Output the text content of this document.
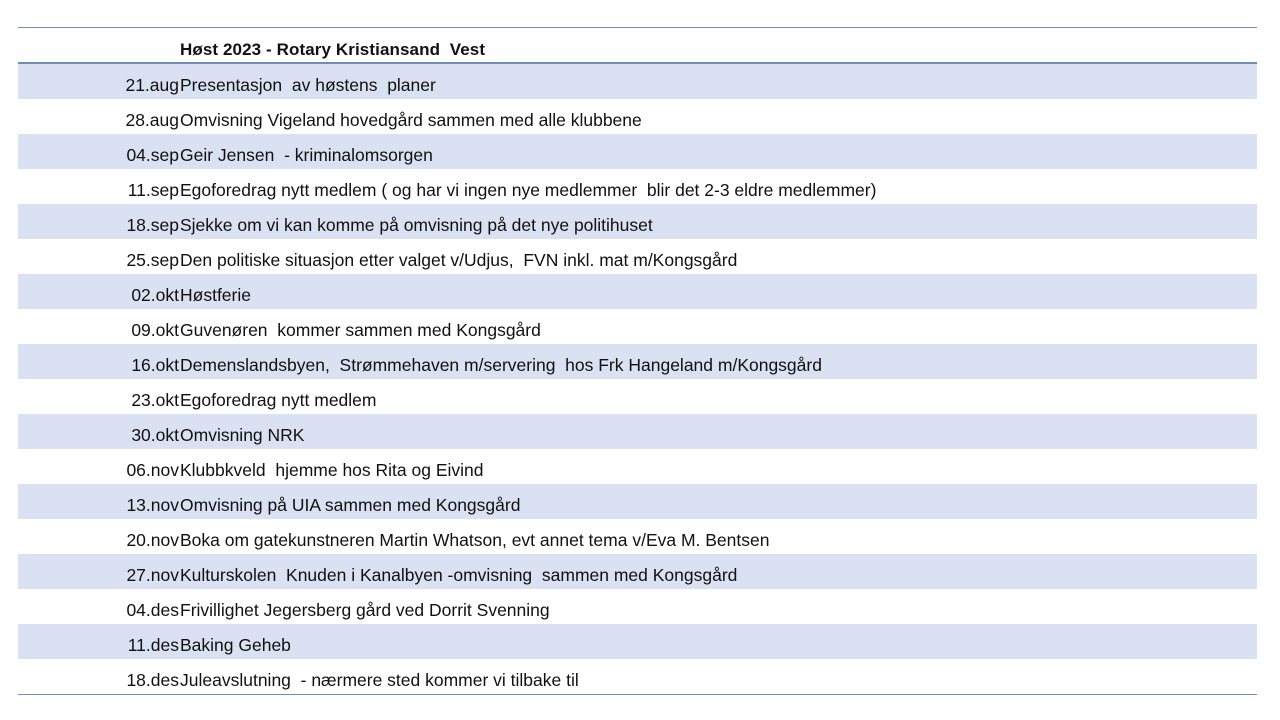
Høst 2023 - Rotary Kristiansand  Vest
21.aug Presentasjon  av høstens  planer
28.aug Omvisning Vigeland hovedgård sammen med alle klubbene
04.sep Geir Jensen  - kriminalomsorgen
11.sep Egoforedrag nytt medlem ( og har vi ingen nye medlemmer  blir det 2-3 eldre medlemmer)
18.sep Sjekke om vi kan komme på omvisning på det nye politihuset
25.sep Den politiske situasjon etter valget v/Udjus,  FVN inkl. mat m/Kongsgård
02.okt Høstferie
09.okt Guvenøren  kommer sammen med Kongsgård
16.okt Demenslandsbyen,  Strømmehaven m/servering  hos Frk Hangeland m/Kongsgård
23.okt Egoforedrag nytt medlem
30.okt Omvisning NRK
06.nov Klubbkveld  hjemme hos Rita og Eivind
13.nov Omvisning på UIA sammen med Kongsgård
20.nov Boka om gatekunstneren Martin Whatson, evt annet tema v/Eva M. Bentsen
27.nov Kulturskolen  Knuden i Kanalbyen -omvisning  sammen med Kongsgård
04.des Frivillighet Jegersberg gård ved Dorrit Svenning
11.des Baking Geheb
18.des Juleavslutning  - nærmere sted kommer vi tilbake til
